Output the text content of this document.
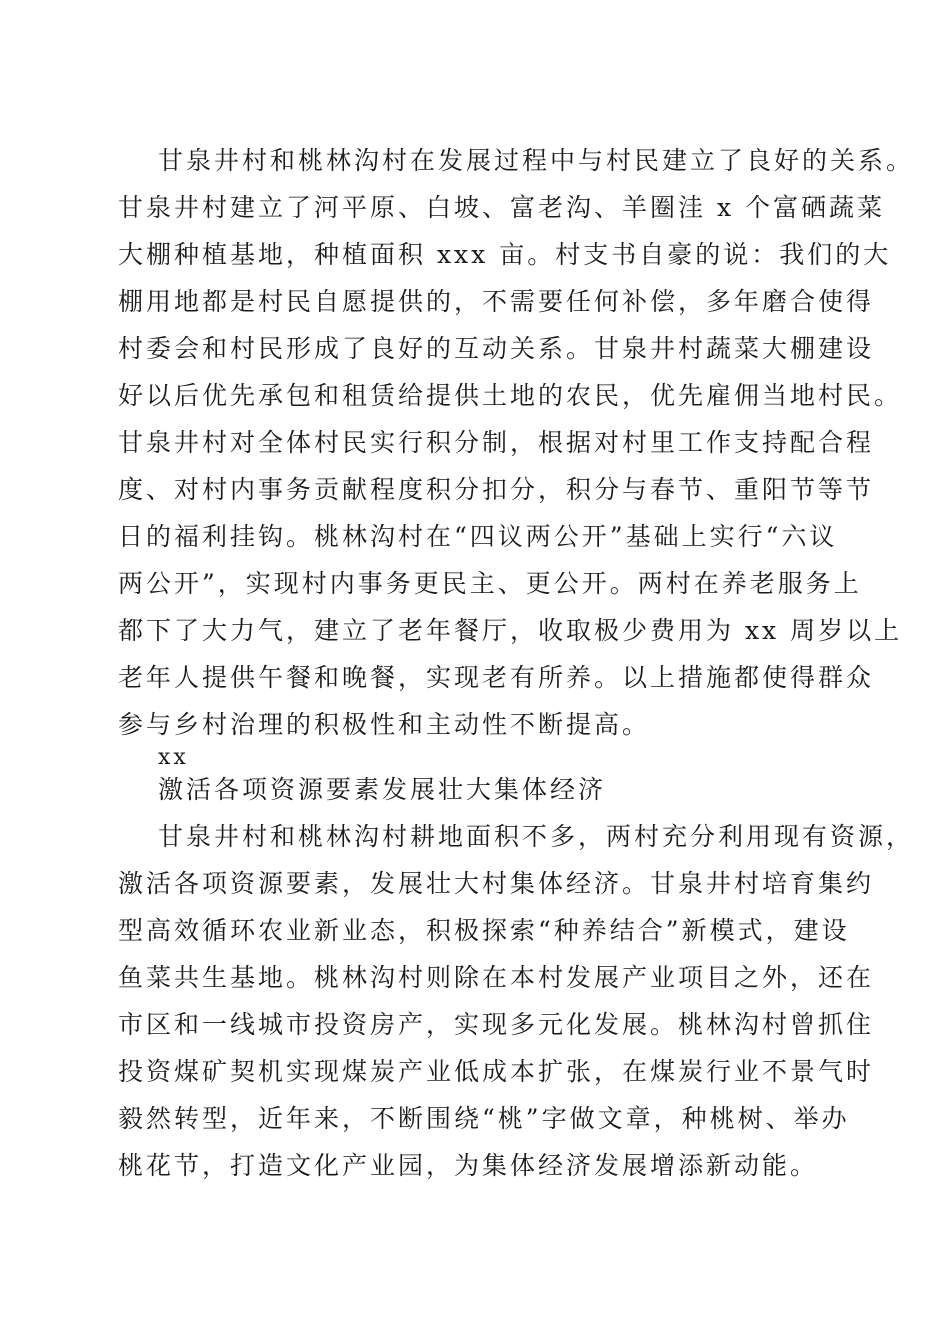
甘泉井村和桃林沟村在发展过程中与村民建立了良好的关系。

甘泉井村建立了河平原、白坡、富老沟、羊圈洼 x 个富硒蔬菜

大棚种植基地，种植面积 xxx 亩。村支书自豪的说：我们的大

棚用地都是村民自愿提供的，不需要任何补偿，多年磨合使得

村委会和村民形成了良好的互动关系。甘泉井村蔬菜大棚建设

好以后优先承包和租赁给提供土地的农民，优先雇佣当地村民。

甘泉井村对全体村民实行积分制，根据对村里工作支持配合程

度、对村内事务贡献程度积分扣分，积分与春节、重阳节等节

日的福利挂钩。桃林沟村在“四议两公开”基础上实行“六议

两公开”，实现村内事务更民主、更公开。两村在养老服务上

都下了大力气，建立了老年餐厅，收取极少费用为 xx 周岁以上

老年人提供午餐和晚餐，实现老有所养。以上措施都使得群众

参与乡村治理的积极性和主动性不断提高。

xx

激活各项资源要素发展壮大集体经济

甘泉井村和桃林沟村耕地面积不多，两村充分利用现有资源，

激活各项资源要素，发展壮大村集体经济。甘泉井村培育集约

型高效循环农业新业态，积极探索“种养结合”新模式，建设

鱼菜共生基地。桃林沟村则除在本村发展产业项目之外，还在

市区和一线城市投资房产，实现多元化发展。桃林沟村曾抓住

投资煤矿契机实现煤炭产业低成本扩张，在煤炭行业不景气时

毅然转型，近年来，不断围绕“桃”字做文章，种桃树、举办

桃花节，打造文化产业园，为集体经济发展增添新动能。
